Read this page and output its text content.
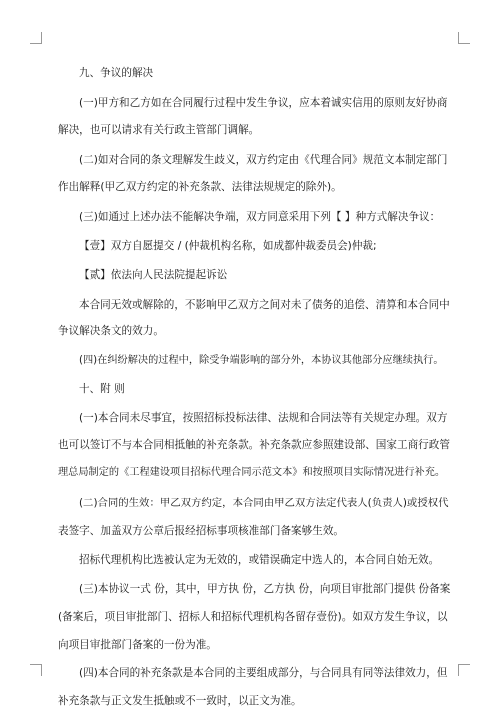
九、争议的解决
(一)甲方和乙方如在合同履行过程中发生争议，应本着诚实信用的原则友好协商
解决，也可以请求有关行政主管部门调解。
(二)如对合同的条文理解发生歧义，双方约定由《代理合同》规范文本制定部门
作出解释(甲乙双方约定的补充条款、法律法规规定的除外)。
(三)如通过上述办法不能解决争端，双方同意采用下列【 】种方式解决争议：
【壹】双方自愿提交 / (仲裁机构名称，如成都仲裁委员会)仲裁;
【贰】依法向人民法院提起诉讼
本合同无效或解除的，不影响甲乙双方之间对未了债务的追偿、清算和本合同中
争议解决条文的效力。
(四)在纠纷解决的过程中，除受争端影响的部分外，本协议其他部分应继续执行。
十、附 则
(一)本合同未尽事宜，按照招标投标法律、法规和合同法等有关规定办理。双方
也可以签订不与本合同相抵触的补充条款。补充条款应参照建设部、国家工商行政管
理总局制定的《工程建设项目招标代理合同示范文本》和按照项目实际情况进行补充。
(二)合同的生效：甲乙双方约定，本合同由甲乙双方法定代表人(负责人)或授权代
表签字、加盖双方公章后报经招标事项核准部门备案够生效。
招标代理机构比选被认定为无效的，或错误确定中选人的，本合同自始无效。
(三)本协议一式 份，其中，甲方执 份，乙方执 份，向项目审批部门提供 份备案
(备案后，项目审批部门、招标人和招标代理机构各留存壹份)。如双方发生争议，以
向项目审批部门备案的一份为准。
(四)本合同的补充条款是本合同的主要组成部分，与合同具有同等法律效力，但
补充条款与正文发生抵触或不一致时，以正文为准。
